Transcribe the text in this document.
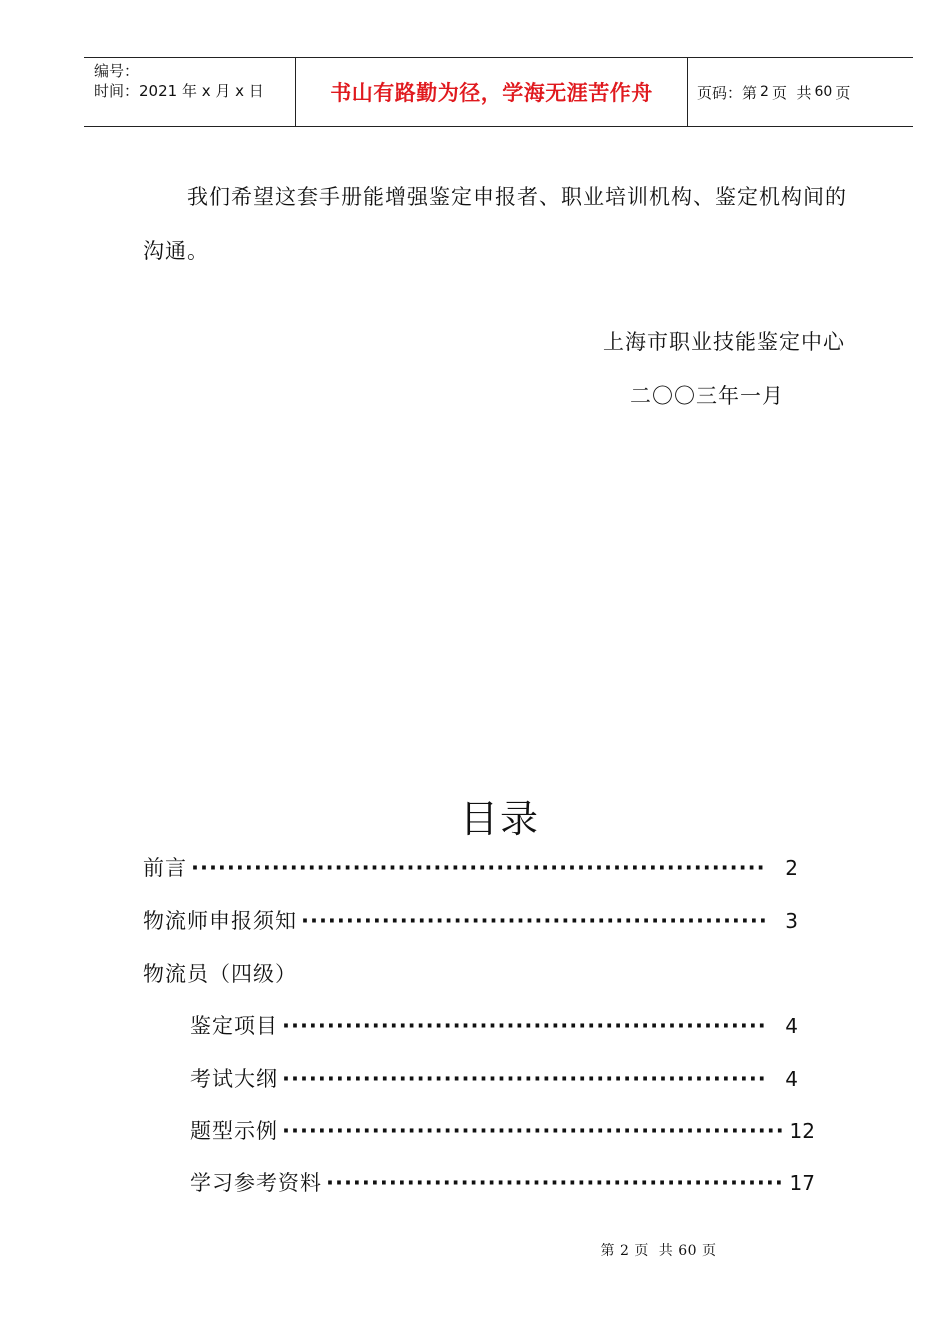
编号：
时间：2021 年 x 月 x 日	书山有路勤为径，学海无涯苦作舟	页码：第 2 页  共 60 页
我们希望这套手册能增强鉴定申报者、职业培训机构、鉴定机构间的沟通。
上海市职业技能鉴定中心
二〇〇三年一月
目录
前言 ·····	2
物流师申报须知 ·····	3
物流员（四级）
鉴定项目 ·····	4
考试大纲 ·····	4
题型示例 ·····	12
学习参考资料 ·····	17
第 2 页  共 60 页
